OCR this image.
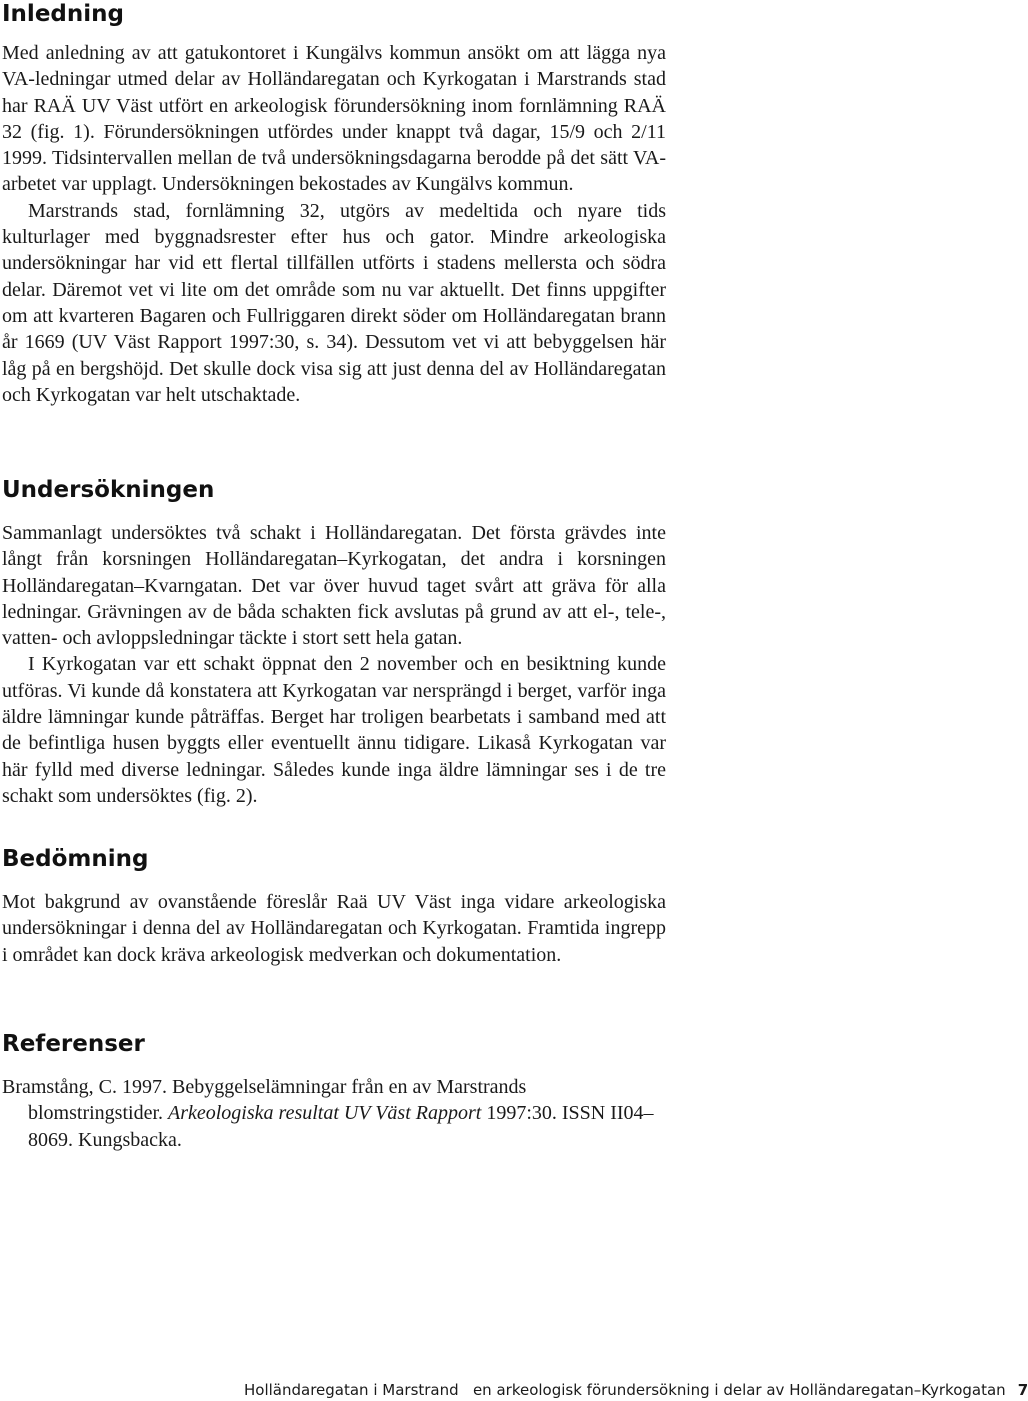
Inledning

Med anledning av att gatukontoret i Kungälvs kommun ansökt om att lägga nya VA-ledningar utmed delar av Holländaregatan och Kyrkogatan i Marstrands stad har RAÄ UV Väst utfört en arkeologisk förundersökning inom fornlämning RAÄ 32 (fig. 1). Förundersökningen utfördes under knappt två dagar, 15/9 och 2/11 1999. Tidsintervallen mellan de två undersökningsdagarna berodde på det sätt VA-arbetet var upplagt. Undersökningen bekostades av Kungälvs kommun.

Marstrands stad, fornlämning 32, utgörs av medeltida och nyare tids kulturlager med byggnadsrester efter hus och gator. Mindre arkeologiska undersökningar har vid ett flertal tillfällen utförts i stadens mellersta och södra delar. Däremot vet vi lite om det område som nu var aktuellt. Det finns uppgifter om att kvarteren Bagaren och Fullriggaren direkt söder om Holländaregatan brann år 1669 (UV Väst Rapport 1997:30, s. 34). Dessutom vet vi att bebyggelsen här låg på en bergshöjd. Det skulle dock visa sig att just denna del av Holländaregatan och Kyrkogatan var helt utschaktade.

Undersökningen

Sammanlagt undersöktes två schakt i Holländaregatan. Det första grävdes inte långt från korsningen Holländaregatan–Kyrkogatan, det andra i korsningen Holländaregatan–Kvarngatan. Det var över huvud taget svårt att gräva för alla ledningar. Grävningen av de båda schakten fick avslutas på grund av att el-, tele-, vatten- och avloppsledningar täckte i stort sett hela gatan.

I Kyrkogatan var ett schakt öppnat den 2 november och en besiktning kunde utföras. Vi kunde då konstatera att Kyrkogatan var nersprängd i berget, varför inga äldre lämningar kunde påträffas. Berget har troligen bearbetats i samband med att de befintliga husen byggts eller eventuellt ännu tidigare. Likaså Kyrkogatan var här fylld med diverse ledningar. Således kunde inga äldre lämningar ses i de tre schakt som undersöktes (fig. 2).

Bedömning

Mot bakgrund av ovanstående föreslår Raä UV Väst inga vidare arkeologiska undersökningar i denna del av Holländaregatan och Kyrkogatan. Framtida ingrepp i området kan dock kräva arkeologisk medverkan och dokumentation.

Referenser

Bramstång, C. 1997. Bebyggelselämningar från en av Marstrands blomstringstider. Arkeologiska resultat UV Väst Rapport 1997:30. ISSN II04–8069. Kungsbacka.

Holländaregatan i Marstrand   en arkeologisk förundersökning i delar av Holländaregatan–Kyrkogatan 7
